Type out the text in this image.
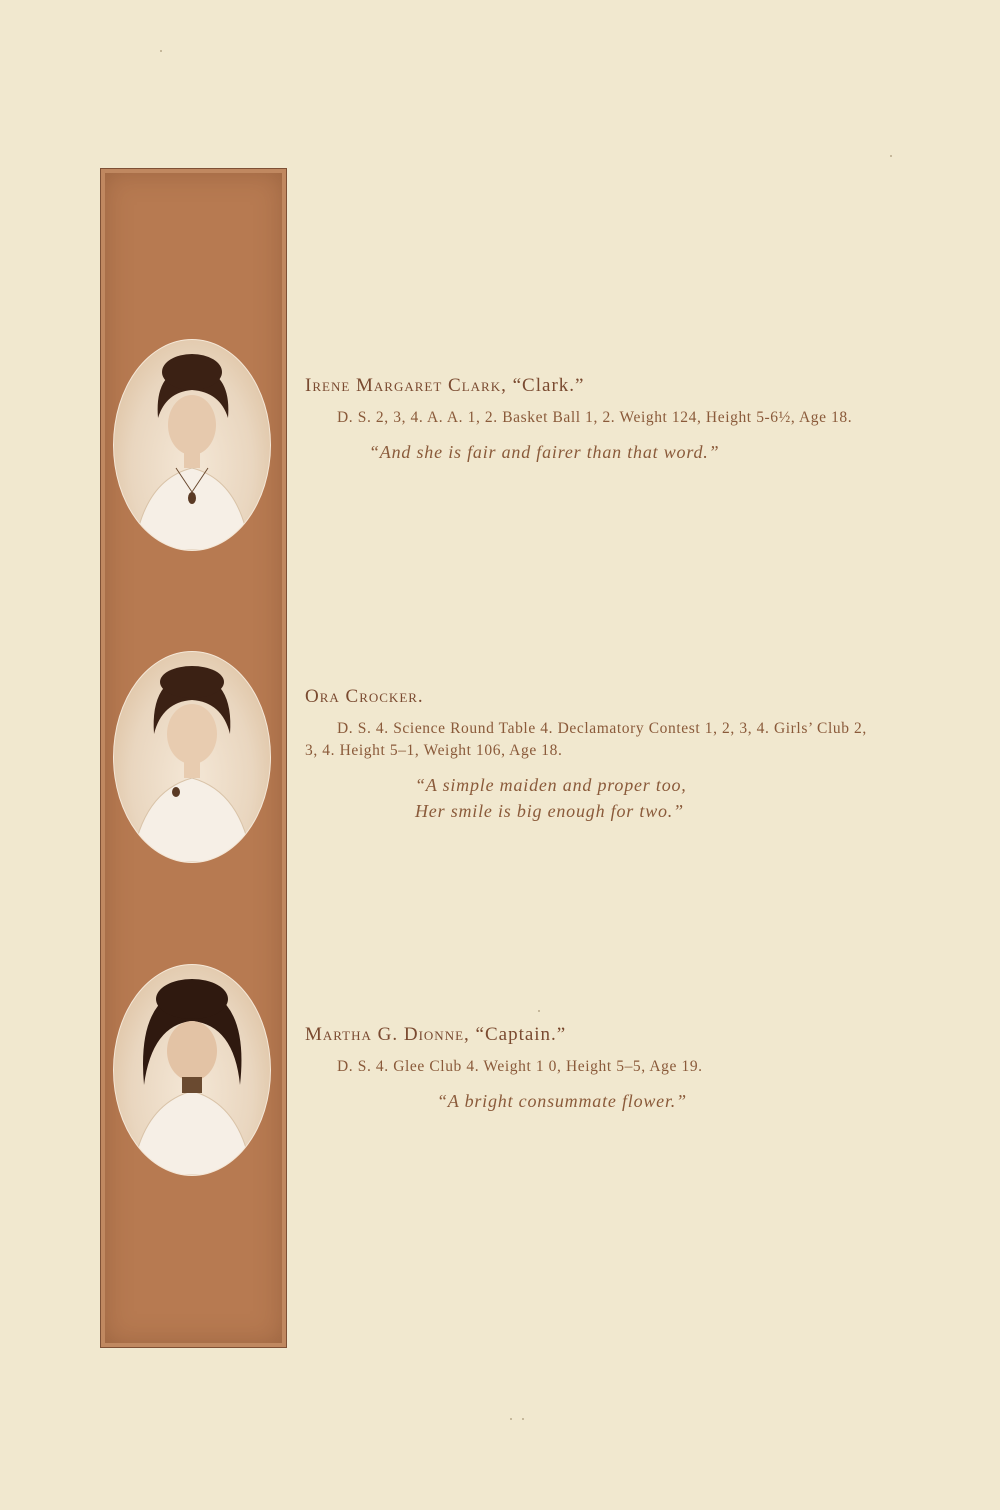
Irene Margaret Clark, “Clark.”

D. S. 2, 3, 4. A. A. 1, 2. Basket Ball 1, 2. Weight 124, Height 5-6½, Age 18.

“And she is fair and fairer than that word.”

Ora Crocker.

D. S. 4. Science Round Table 4. Declamatory Contest 1, 2, 3, 4. Girls’ Club 2, 3, 4. Height 5–1, Weight 106, Age 18.

“A simple maiden and proper too,
Her smile is big enough for two.”

Martha G. Dionne, “Captain.”

D. S. 4. Glee Club 4. Weight 1 0, Height 5–5, Age 19.

“A bright consummate flower.”
